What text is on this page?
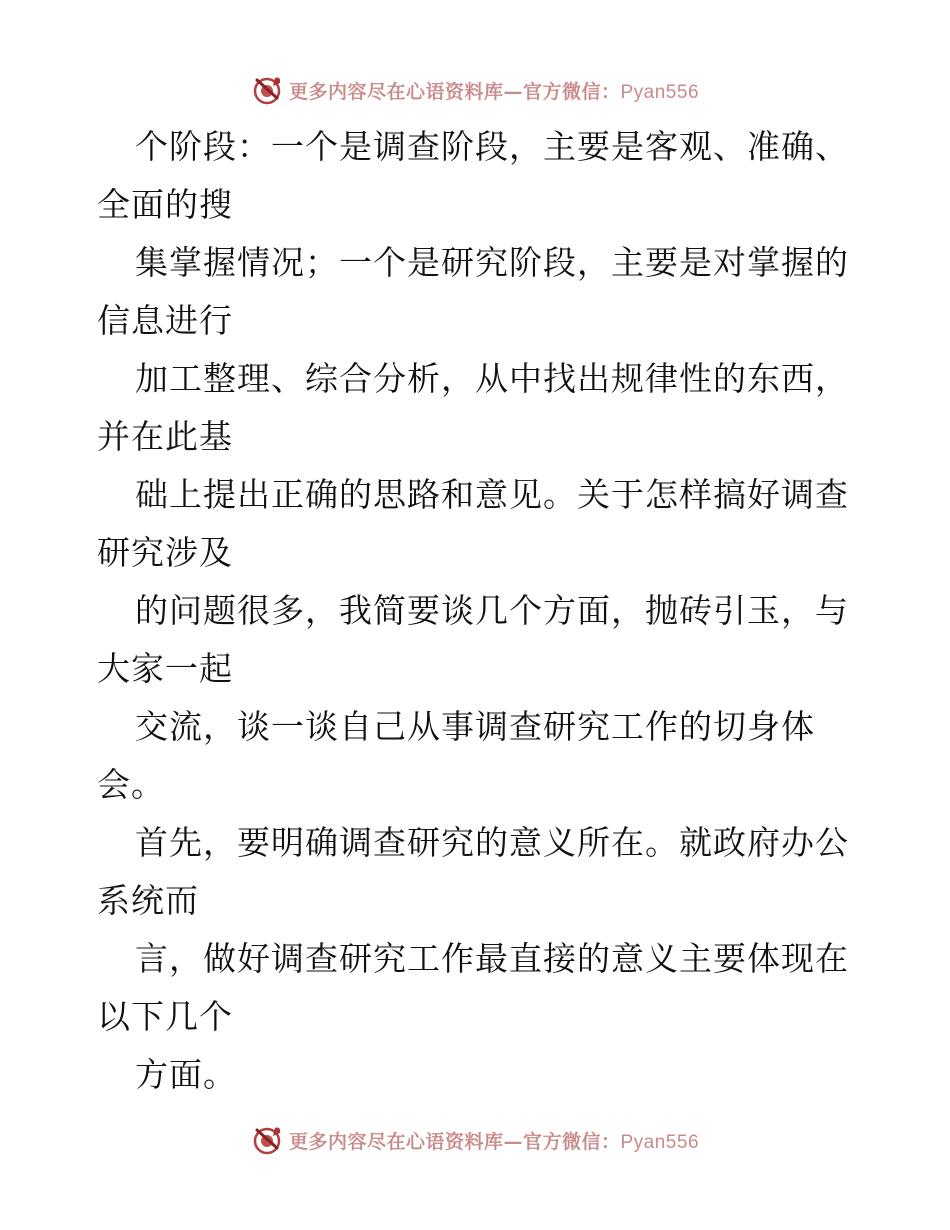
更多内容尽在心语资料库—官方微信：Pyan556
个阶段：一个是调查阶段，主要是客观、准确、
全面的搜
集掌握情况；一个是研究阶段，主要是对掌握的
信息进行
加工整理、综合分析，从中找出规律性的东西，
并在此基
础上提出正确的思路和意见。关于怎样搞好调查
研究涉及
的问题很多，我简要谈几个方面，抛砖引玉，与
大家一起
交流，谈一谈自己从事调查研究工作的切身体
会。
首先，要明确调查研究的意义所在。就政府办公
系统而
言，做好调查研究工作最直接的意义主要体现在
以下几个
方面。
更多内容尽在心语资料库—官方微信：Pyan556
